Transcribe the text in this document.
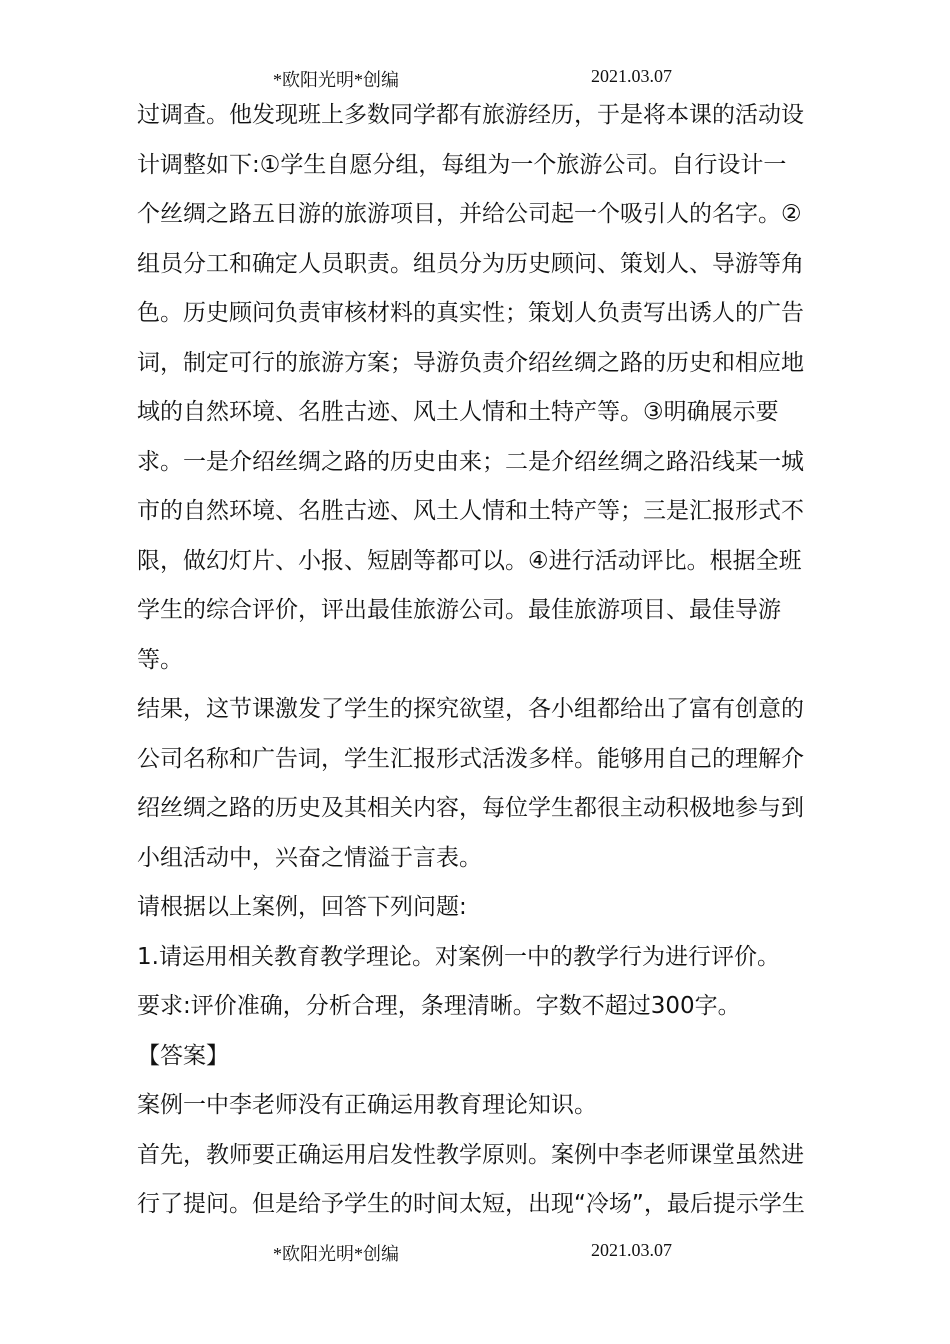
*欧阳光明*创编	2021.03.07
过调查。他发现班上多数同学都有旅游经历，于是将本课的活动设
计调整如下:①学生自愿分组，每组为一个旅游公司。自行设计一
个丝绸之路五日游的旅游项目，并给公司起一个吸引人的名字。②
组员分工和确定人员职责。组员分为历史顾问、策划人、导游等角
色。历史顾问负责审核材料的真实性；策划人负责写出诱人的广告
词，制定可行的旅游方案；导游负责介绍丝绸之路的历史和相应地
域的自然环境、名胜古迹、风土人情和土特产等。③明确展示要
求。一是介绍丝绸之路的历史由来；二是介绍丝绸之路沿线某一城
市的自然环境、名胜古迹、风土人情和土特产等；三是汇报形式不
限，做幻灯片、小报、短剧等都可以。④进行活动评比。根据全班
学生的综合评价，评出最佳旅游公司。最佳旅游项目、最佳导游
等。
结果，这节课激发了学生的探究欲望，各小组都给出了富有创意的
公司名称和广告词，学生汇报形式活泼多样。能够用自己的理解介
绍丝绸之路的历史及其相关内容，每位学生都很主动积极地参与到
小组活动中，兴奋之情溢于言表。
请根据以上案例，回答下列问题:
1.请运用相关教育教学理论。对案例一中的教学行为进行评价。
要求:评价准确，分析合理，条理清晰。字数不超过300字。
【答案】
案例一中李老师没有正确运用教育理论知识。
首先，教师要正确运用启发性教学原则。案例中李老师课堂虽然进
行了提问。但是给予学生的时间太短，出现“冷场”，最后提示学生
*欧阳光明*创编	2021.03.07
